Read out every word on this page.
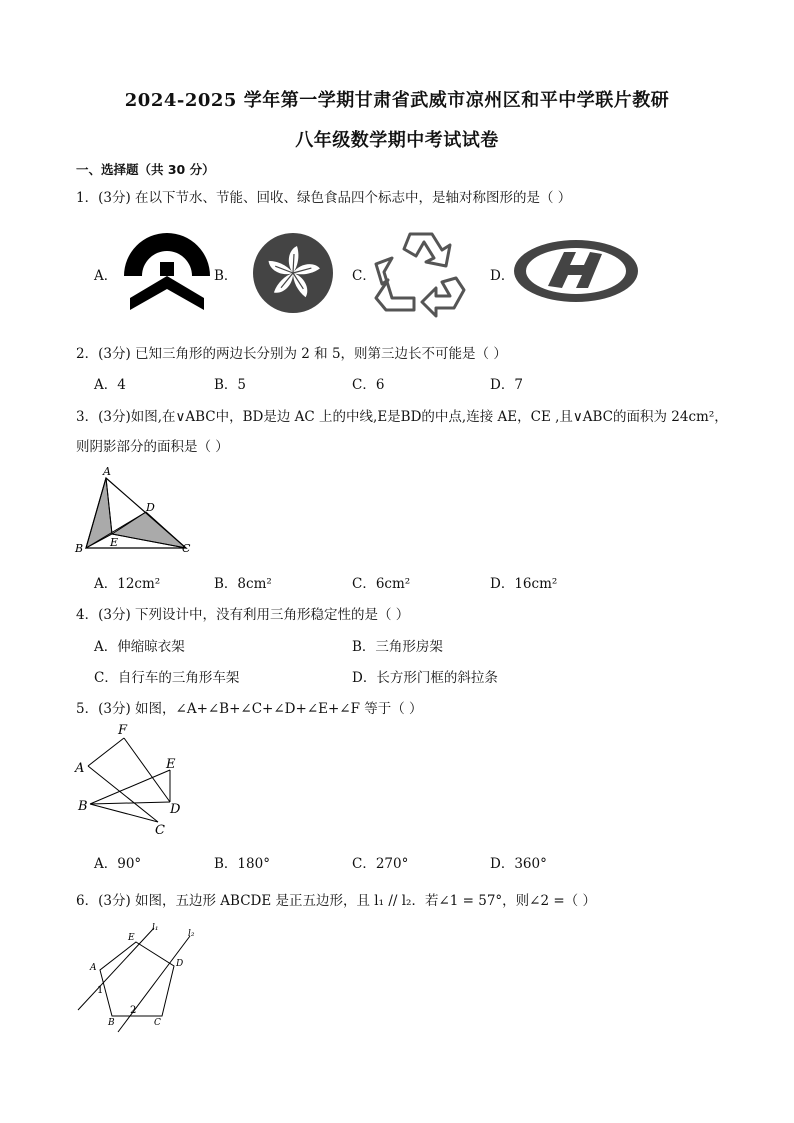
2024-2025 学年第一学期甘肃省武威市凉州区和平中学联片教研
八年级数学期中考试试卷
一、选择题（共 30 分）
1．(3分) 在以下节水、节能、回收、绿色食品四个标志中，是轴对称图形的是（ ）
A．	B．	C．	D．
2．(3分) 已知三角形的两边长分别为 2 和 5，则第三边长不可能是（ ）
A．4	B．5	C．6	D．7
3．(3分)如图,在∨ABC中，BD是边 AC 上的中线,E是BD的中点,连接 AE，CE ,且∨ABC的面积为 24cm²，
则阴影部分的面积是（ ）
A
B	C
D
E
A．12cm²	B．8cm²	C．6cm²	D．16cm²
4．(3分) 下列设计中，没有利用三角形稳定性的是（ ）
A．伸缩晾衣架	B．三角形房架
C．自行车的三角形车架	D．长方形门框的斜拉条
5．(3分) 如图，∠A+∠B+∠C+∠D+∠E+∠F 等于（ ）
F
A	E
B	D
C
A．90°	B．180°	C．270°	D．360°
6．(3分) 如图，五边形 ABCDE 是正五边形，且 l₁ // l₂．若∠1 = 57°，则∠2 =（ ）
E
D
A
B	C
l₁
l₂
1
2
